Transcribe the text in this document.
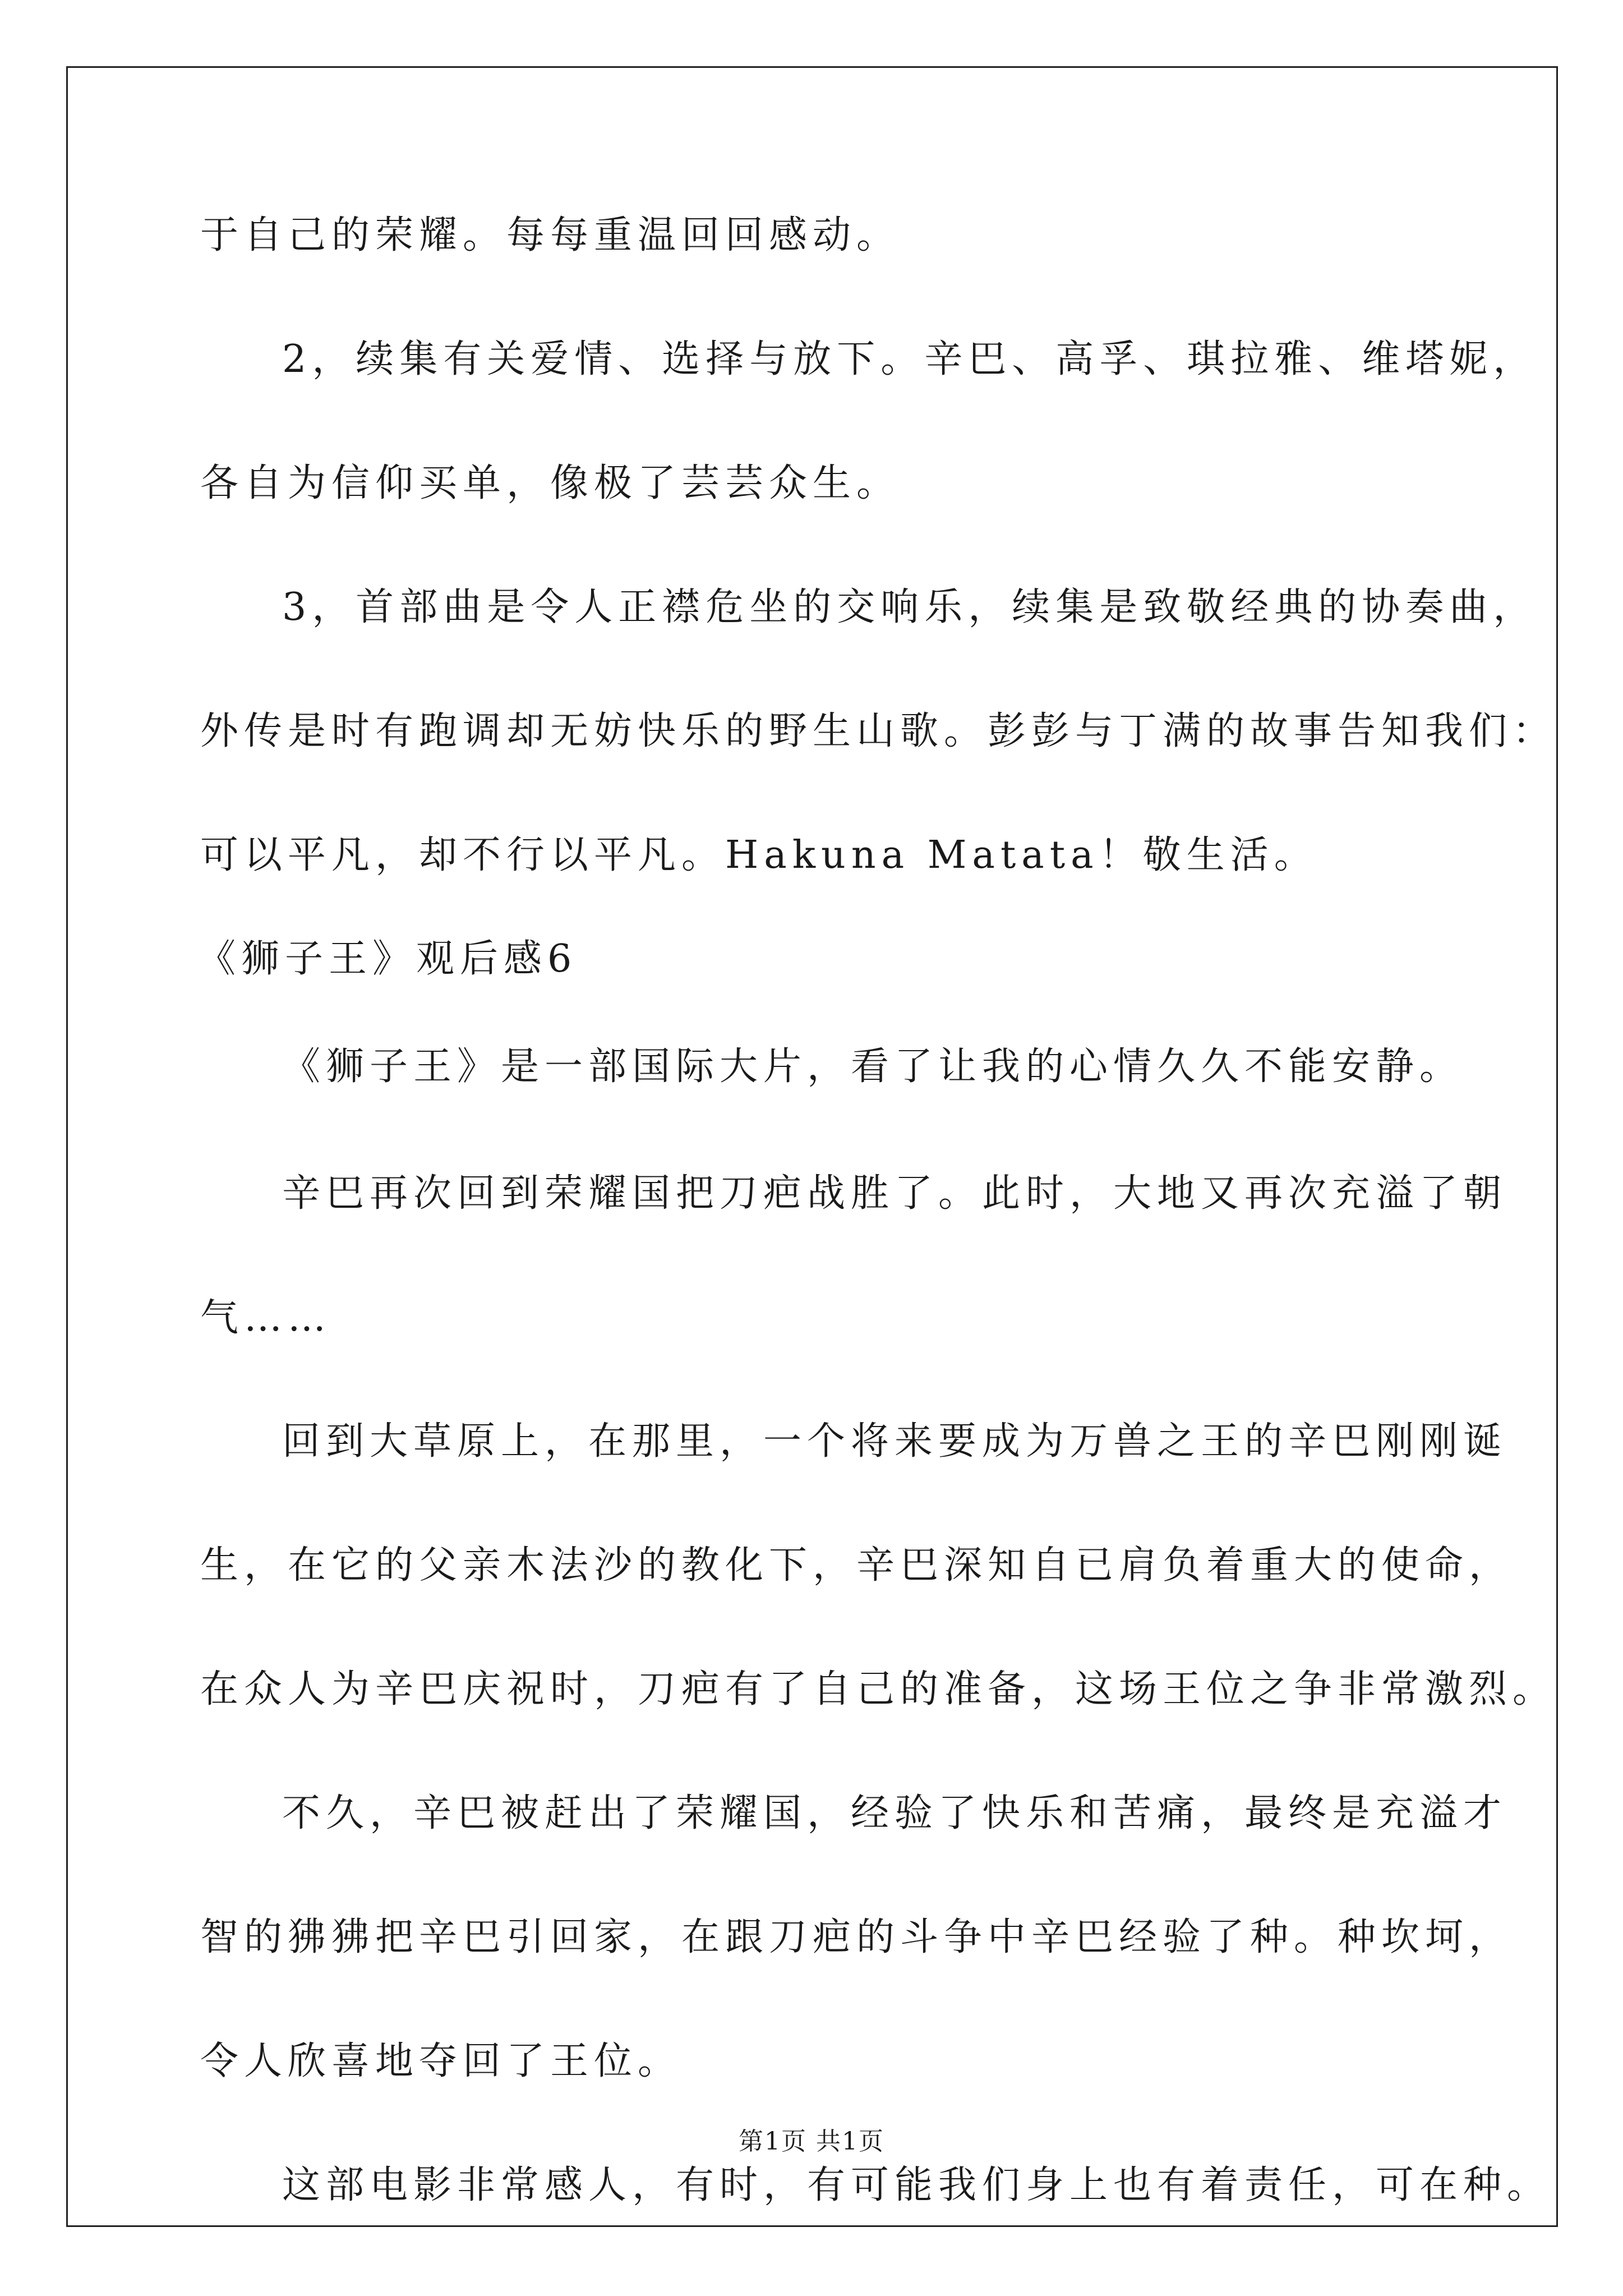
于自己的荣耀。每每重温回回感动。
2，续集有关爱情、选择与放下。辛巴、高孚、琪拉雅、维塔妮，
各自为信仰买单，像极了芸芸众生。
3，首部曲是令人正襟危坐的交响乐，续集是致敬经典的协奏曲，
外传是时有跑调却无妨快乐的野生山歌。彭彭与丁满的故事告知我们：
可以平凡，却不行以平凡。Hakuna Matata！敬生活。
《狮子王》观后感6
《狮子王》是一部国际大片，看了让我的心情久久不能安静。
辛巴再次回到荣耀国把刀疤战胜了。此时，大地又再次充溢了朝
气……
回到大草原上，在那里，一个将来要成为万兽之王的辛巴刚刚诞
生，在它的父亲木法沙的教化下，辛巴深知自已肩负着重大的使命，
在众人为辛巴庆祝时，刀疤有了自己的准备，这场王位之争非常激烈。
不久，辛巴被赶出了荣耀国，经验了快乐和苦痛，最终是充溢才
智的狒狒把辛巴引回家，在跟刀疤的斗争中辛巴经验了种。种坎坷，
令人欣喜地夺回了王位。
这部电影非常感人，有时，有可能我们身上也有着责任，可在种。
第1页 共1页
